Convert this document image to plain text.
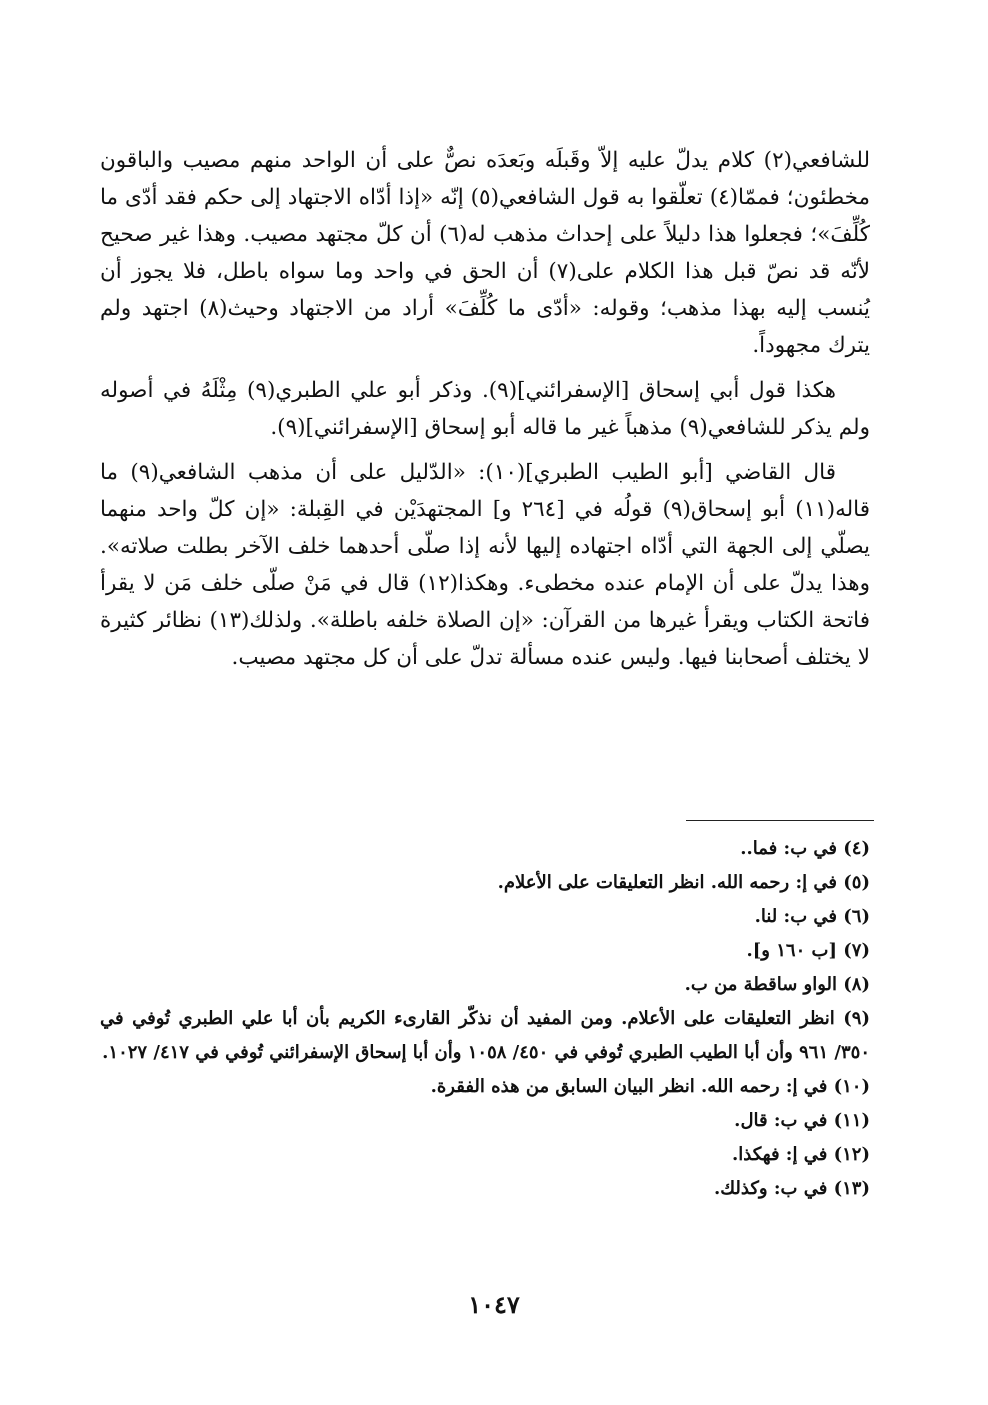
للشافعي(٢) كلام يدلّ عليه إلاّ وقَبلَه وبَعدَه نصٌّ على أن الواحد منهم مصيب والباقون مخطئون؛ فممّا(٤) تعلّقوا به قول الشافعي(٥) إنّه «إذا أدّاه الاجتهاد إلى حكم فقد أدّى ما كُلِّفَ»؛ فجعلوا هذا دليلاً على إحداث مذهب له(٦) أن كلّ مجتهد مصيب. وهذا غير صحيح لأنّه قد نصّ قبل هذا الكلام على(٧) أن الحق في واحد وما سواه باطل، فلا يجوز أن يُنسب إليه بهذا مذهب؛ وقوله: «أدّى ما كُلِّفَ» أراد من الاجتهاد وحيث(٨) اجتهد ولم يترك مجهوداً.

هكذا قول أبي إسحاق [الإسفرائني](٩). وذكر أبو علي الطبري(٩) مِثْلَهُ في أصوله ولم يذكر للشافعي(٩) مذهباً غير ما قاله أبو إسحاق [الإسفرائني](٩).

قال القاضي [أبو الطيب الطبري](١٠): «الدّليل على أن مذهب الشافعي(٩) ما قاله(١١) أبو إسحاق(٩) قولُه في [٢٦٤ و] المجتهدَيْن في القِبلة: «إن كلّ واحد منهما يصلّي إلى الجهة التي أدّاه اجتهاده إليها لأنه إذا صلّى أحدهما خلف الآخر بطلت صلاته». وهذا يدلّ على أن الإمام عنده مخطىء. وهكذا(١٢) قال في مَنْ صلّى خلف مَن لا يقرأ فاتحة الكتاب ويقرأ غيرها من القرآن: «إن الصلاة خلفه باطلة». ولذلك(١٣) نظائر كثيرة لا يختلف أصحابنا فيها. وليس عنده مسألة تدلّ على أن كل مجتهد مصيب.

(٤) في ب: فما..

(٥) في إ: رحمه الله. انظر التعليقات على الأعلام.

(٦) في ب: لنا.

(٧) [ب ١٦٠ و].

(٨) الواو ساقطة من ب.

(٩) انظر التعليقات على الأعلام. ومن المفيد أن نذكّر القارىء الكريم بأن أبا علي الطبري تُوفي في ٣٥٠/ ٩٦١ وأن أبا الطيب الطبري تُوفي في ٤٥٠/ ١٠٥٨ وأن أبا إسحاق الإسفرائني تُوفي في ٤١٧/ ١٠٢٧.

(١٠) في إ: رحمه الله. انظر البيان السابق من هذه الفقرة.

(١١) في ب: قال.

(١٢) في إ: فهكذا.

(١٣) في ب: وكذلك.

١٠٤٧
